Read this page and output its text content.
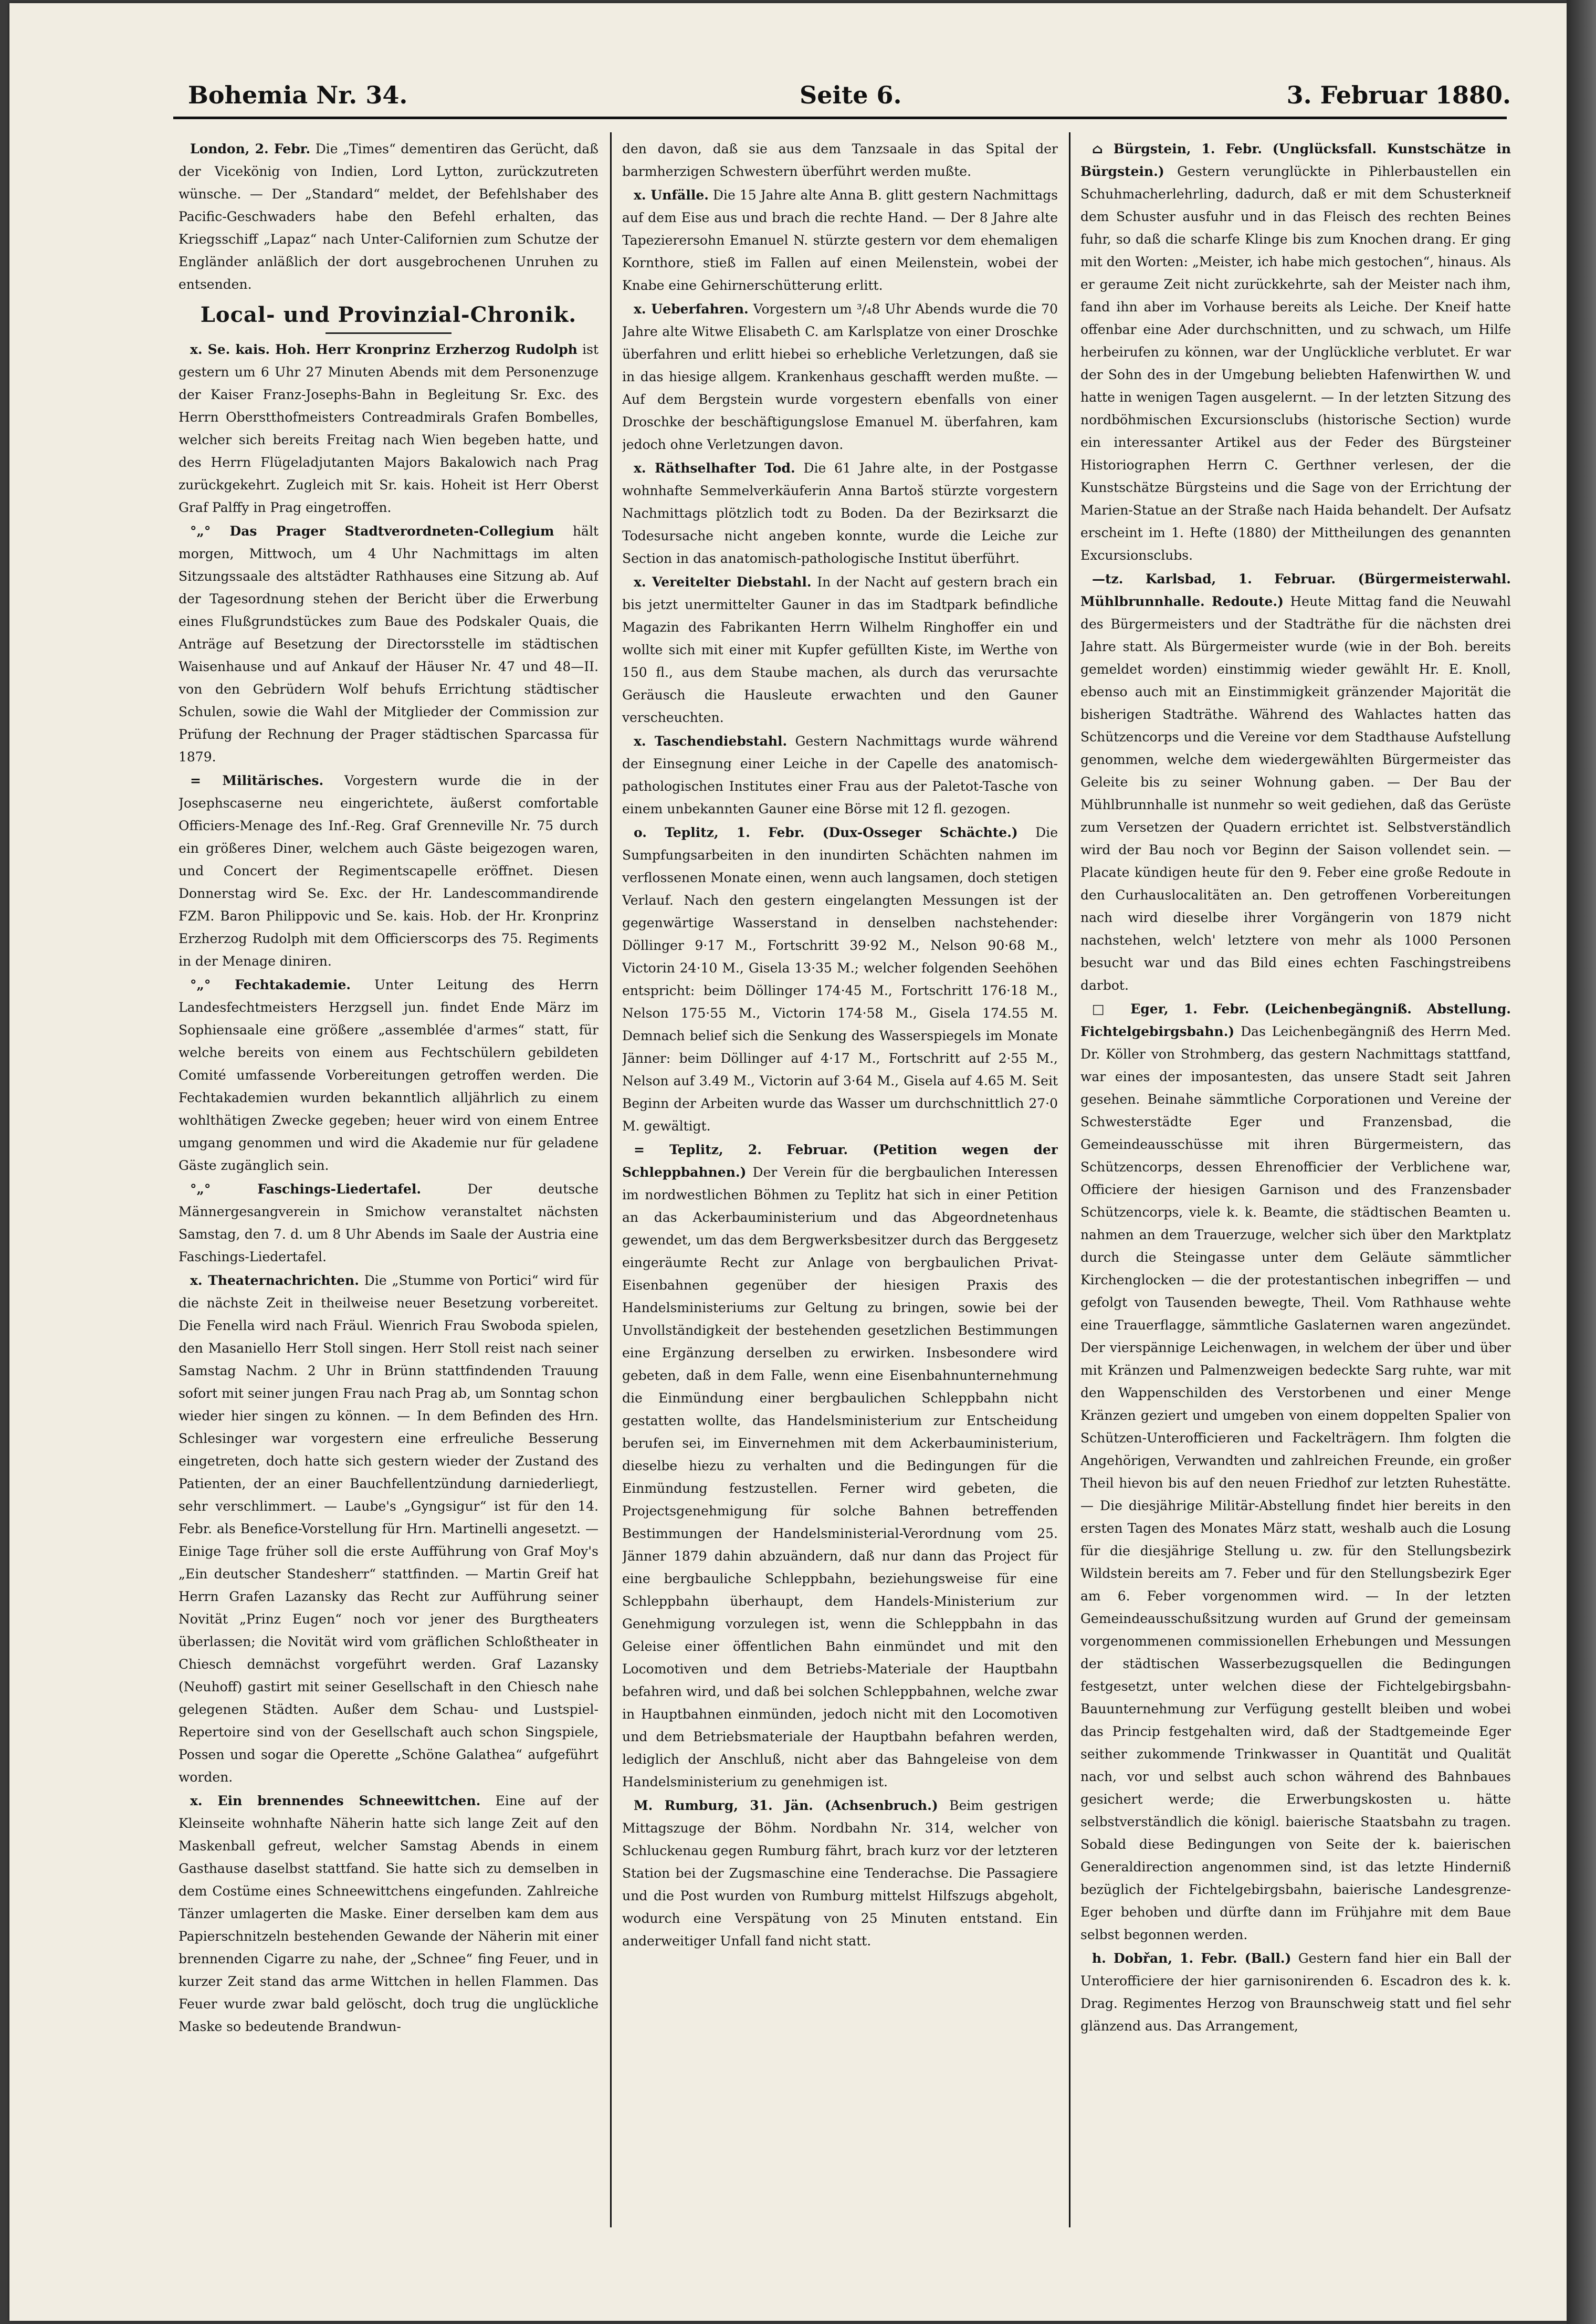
Bohemia Nr. 34.	Seite 6.	3. Februar 1880.

London, 2. Febr. Die „Times“ dementiren das Gerücht, daß der Vicekönig von Indien, Lord Lytton, zurückzutreten wünsche. — Der „Standard“ meldet, der Befehlshaber des Pacific-Geschwaders habe den Befehl erhalten, das Kriegsschiff „Lapaz“ nach Unter-Californien zum Schutze der Engländer anläßlich der dort ausgebrochenen Unruhen zu entsenden.

Local- und Provinzial-Chronik.

x. Se. kais. Hoh. Herr Kronprinz Erzherzog Rudolph ist gestern um 6 Uhr 27 Minuten Abends mit dem Personenzuge der Kaiser Franz-Josephs-Bahn in Begleitung Sr. Exc. des Herrn Oberstthofmeisters Contreadmirals Grafen Bombelles, welcher sich bereits Freitag nach Wien begeben hatte, und des Herrn Flügeladjutanten Majors Bakalowich nach Prag zurückgekehrt. Zugleich mit Sr. kais. Hoheit ist Herr Oberst Graf Palffy in Prag eingetroffen.

°„° Das Prager Stadtverordneten-Collegium hält morgen, Mittwoch, um 4 Uhr Nachmittags im alten Sitzungssaale des altstädter Rathhauses eine Sitzung ab. Auf der Tagesordnung stehen der Bericht über die Erwerbung eines Flußgrundstückes zum Baue des Podskaler Quais, die Anträge auf Besetzung der Directorsstelle im städtischen Waisenhause und auf Ankauf der Häuser Nr. 47 und 48—II. von den Gebrüdern Wolf behufs Errichtung städtischer Schulen, sowie die Wahl der Mitglieder der Commission zur Prüfung der Rechnung der Prager städtischen Sparcassa für 1879.

= Militärisches. Vorgestern wurde die in der Josephscaserne neu eingerichtete, äußerst comfortable Officiers-Menage des Inf.-Reg. Graf Grenneville Nr. 75 durch ein größeres Diner, welchem auch Gäste beigezogen waren, und Concert der Regimentscapelle eröffnet. Diesen Donnerstag wird Se. Exc. der Hr. Landescommandirende FZM. Baron Philippovic und Se. kais. Hob. der Hr. Kronprinz Erzherzog Rudolph mit dem Officierscorps des 75. Regiments in der Menage diniren.

°„° Fechtakademie. Unter Leitung des Herrn Landesfechtmeisters Herzgsell jun. findet Ende März im Sophiensaale eine größere „assemblée d'armes“ statt, für welche bereits von einem aus Fechtschülern gebildeten Comité umfassende Vorbereitungen getroffen werden. Die Fechtakademien wurden bekanntlich alljährlich zu einem wohlthätigen Zwecke gegeben; heuer wird von einem Entree umgang genommen und wird die Akademie nur für geladene Gäste zugänglich sein.

°„° Faschings-Liedertafel.	Der deutsche Männergesangverein in Smichow veranstaltet nächsten Samstag, den 7. d. um 8 Uhr Abends im Saale der Austria eine Faschings-Liedertafel.

x. Theaternachrichten. Die „Stumme von Portici“ wird für die nächste Zeit in theilweise neuer Besetzung vorbereitet. Die Fenella wird nach Fräul. Wienrich Frau Swoboda spielen, den Masaniello Herr Stoll singen. Herr Stoll reist nach seiner Samstag Nachm. 2 Uhr in Brünn stattfindenden Trauung sofort mit seiner jungen Frau nach Prag ab, um Sonntag schon wieder hier singen zu können. — In dem Befinden des Hrn. Schlesinger war vorgestern eine erfreuliche Besserung eingetreten, doch hatte sich gestern wieder der Zustand des Patienten, der an einer Bauchfellentzündung darniederliegt, sehr verschlimmert. — Laube's „Gyngsigur“ ist für den 14. Febr. als Benefice-Vorstellung für Hrn. Martinelli angesetzt. — Einige Tage früher soll die erste Aufführung von Graf Moy's „Ein deutscher Standesherr“ stattfinden. — Martin Greif hat Herrn Grafen Lazansky das Recht zur Aufführung seiner Novität „Prinz Eugen“ noch vor jener des Burgtheaters überlassen; die Novität wird vom gräflichen Schloßtheater in Chiesch demnächst vorgeführt werden. Graf Lazansky (Neuhoff) gastirt mit seiner Gesellschaft in den Chiesch nahe gelegenen Städten. Außer dem Schau- und Lustspiel-Repertoire sind von der Gesellschaft auch schon Singspiele, Possen und sogar die Operette „Schöne Galathea“ aufgeführt worden.

x. Ein brennendes Schneewittchen. Eine auf der Kleinseite wohnhafte Näherin hatte sich lange Zeit auf den Maskenball gefreut, welcher Samstag Abends in einem Gasthause daselbst stattfand. Sie hatte sich zu demselben in dem Costüme eines Schneewittchens eingefunden. Zahlreiche Tänzer umlagerten die Maske. Einer derselben kam dem aus Papierschnitzeln bestehenden Gewande der Näherin mit einer brennenden Cigarre zu nahe, der „Schnee“ fing Feuer, und in kurzer Zeit stand das arme Wittchen in hellen Flammen. Das Feuer wurde zwar bald gelöscht, doch trug die unglückliche Maske so bedeutende Brandwun-

den davon, daß sie aus dem Tanzsaale in das Spital der barmherzigen Schwestern überführt werden mußte.

x. Unfälle. Die 15 Jahre alte Anna B. glitt gestern Nachmittags auf dem Eise aus und brach die rechte Hand. — Der 8 Jahre alte Tapezierersohn Emanuel N. stürzte gestern vor dem ehemaligen Kornthore, stieß im Fallen auf einen Meilenstein, wobei der Knabe eine Gehirnerschütterung erlitt.

x. Ueberfahren. Vorgestern um ³/₄8 Uhr Abends wurde die 70 Jahre alte Witwe Elisabeth C. am Karlsplatze von einer Droschke überfahren und erlitt hiebei so erhebliche Verletzungen, daß sie in das hiesige allgem. Krankenhaus geschafft werden mußte. — Auf dem Bergstein wurde vorgestern ebenfalls von einer Droschke der beschäftigungslose Emanuel M. überfahren, kam jedoch ohne Verletzungen davon.

x. Räthselhafter Tod. Die 61 Jahre alte, in der Postgasse wohnhafte Semmelverkäuferin Anna Bartoš stürzte vorgestern Nachmittags plötzlich todt zu Boden. Da der Bezirksarzt die Todesursache nicht angeben konnte, wurde die Leiche zur Section in das anatomisch-pathologische Institut überführt.

x. Vereitelter Diebstahl. In der Nacht auf gestern brach ein bis jetzt unermittelter Gauner in das im Stadtpark befindliche Magazin des Fabrikanten Herrn Wilhelm Ringhoffer ein und wollte sich mit einer mit Kupfer gefüllten Kiste, im Werthe von 150 fl., aus dem Staube machen, als durch das verursachte Geräusch die Hausleute erwachten und den Gauner verscheuchten.

x. Taschendiebstahl. Gestern Nachmittags wurde während der Einsegnung einer Leiche in der Capelle des anatomisch-pathologischen Institutes einer Frau aus der Paletot-Tasche von einem unbekannten Gauner eine Börse mit 12 fl. gezogen.

o. Teplitz, 1. Febr. (Dux-Osseger Schächte.) Die Sumpfungsarbeiten in den inundirten Schächten nahmen im verflossenen Monate einen, wenn auch langsamen, doch stetigen Verlauf. Nach den gestern eingelangten Messungen ist der gegenwärtige Wasserstand in denselben nachstehender: Döllinger 9·17 M., Fortschritt 39·92 M., Nelson 90·68 M., Victorin 24·10 M., Gisela 13·35 M.; welcher folgenden Seehöhen entspricht: beim Döllinger 174·45 M., Fortschritt 176·18 M., Nelson 175·55 M., Victorin 174·58 M., Gisela 174.55 M. Demnach belief sich die Senkung des Wasserspiegels im Monate Jänner: beim Döllinger auf 4·17 M., Fortschritt auf 2·55 M., Nelson auf 3.49 M., Victorin auf 3·64 M., Gisela auf 4.65 M. Seit Beginn der Arbeiten wurde das Wasser um durchschnittlich 27·0 M. gewältigt.

= Teplitz, 2. Februar. (Petition wegen der Schleppbahnen.) Der Verein für die bergbaulichen Interessen im nordwestlichen Böhmen zu Teplitz hat sich in einer Petition an das Ackerbauministerium und das Abgeordnetenhaus gewendet, um das dem Bergwerksbesitzer durch das Berggesetz eingeräumte Recht zur Anlage von bergbaulichen Privat-Eisenbahnen gegenüber der hiesigen Praxis des Handelsministeriums zur Geltung zu bringen, sowie bei der Unvollständigkeit der bestehenden gesetzlichen Bestimmungen eine Ergänzung derselben zu erwirken. Insbesondere wird gebeten, daß in dem Falle, wenn eine Eisenbahnunternehmung die Einmündung einer bergbaulichen Schleppbahn nicht gestatten wollte, das Handelsministerium zur Entscheidung berufen sei, im Einvernehmen mit dem Ackerbauministerium, dieselbe hiezu zu verhalten und die Bedingungen für die Einmündung festzustellen. Ferner wird gebeten, die Projectsgenehmigung für solche Bahnen betreffenden Bestimmungen der Handelsministerial-Verordnung vom 25. Jänner 1879 dahin abzuändern, daß nur dann das Project für eine bergbauliche Schleppbahn, beziehungsweise für eine Schleppbahn überhaupt, dem Handels-Ministerium zur Genehmigung vorzulegen ist, wenn die Schleppbahn in das Geleise einer öffentlichen Bahn einmündet und mit den Locomotiven und dem Betriebs-Materiale der Hauptbahn befahren wird, und daß bei solchen Schleppbahnen, welche zwar in Hauptbahnen einmünden, jedoch nicht mit den Locomotiven und dem Betriebsmateriale der Hauptbahn befahren werden, lediglich der Anschluß, nicht aber das Bahngeleise von dem Handelsministerium zu genehmigen ist.

M. Rumburg, 31. Jän. (Achsenbruch.) Beim gestrigen Mittagszuge der Böhm. Nordbahn Nr. 314, welcher von Schluckenau gegen Rumburg fährt, brach kurz vor der letzteren Station bei der Zugsmaschine eine Tenderachse. Die Passagiere und die Post wurden von Rumburg mittelst Hilfszugs abgeholt, wodurch eine Verspätung von 25 Minuten entstand. Ein anderweitiger Unfall fand nicht statt.

⌂ Bürgstein, 1. Febr. (Unglücksfall. Kunstschätze in Bürgstein.) Gestern verunglückte in Pihlerbaustellen ein Schuhmacherlehrling, dadurch, daß er mit dem Schusterkneif dem Schuster ausfuhr und in das Fleisch des rechten Beines fuhr, so daß die scharfe Klinge bis zum Knochen drang. Er ging mit den Worten: „Meister, ich habe mich gestochen“, hinaus. Als er geraume Zeit nicht zurückkehrte, sah der Meister nach ihm, fand ihn aber im Vorhause bereits als Leiche. Der Kneif hatte offenbar eine Ader durchschnitten, und zu schwach, um Hilfe herbeirufen zu können, war der Unglückliche verblutet. Er war der Sohn des in der Umgebung beliebten Hafenwirthen W. und hatte in wenigen Tagen ausgelernt. — In der letzten Sitzung des nordböhmischen Excursionsclubs (historische Section) wurde ein interessanter Artikel aus der Feder des Bürgsteiner Historiographen Herrn C. Gerthner verlesen, der die Kunstschätze Bürgsteins und die Sage von der Errichtung der Marien-Statue an der Straße nach Haida behandelt. Der Aufsatz erscheint im 1. Hefte (1880) der Mittheilungen des genannten Excursionsclubs.

—tz. Karlsbad, 1. Februar. (Bürgermeisterwahl. Mühlbrunnhalle. Redoute.) Heute Mittag fand die Neuwahl des Bürgermeisters und der Stadträthe für die nächsten drei Jahre statt. Als Bürgermeister wurde (wie in der Boh. bereits gemeldet worden) einstimmig wieder gewählt Hr. E. Knoll, ebenso auch mit an Einstimmigkeit gränzender Majorität die bisherigen Stadträthe. Während des Wahlactes hatten das Schützencorps und die Vereine vor dem Stadthause Aufstellung genommen, welche dem wiedergewählten Bürgermeister das Geleite bis zu seiner Wohnung gaben. — Der Bau der Mühlbrunnhalle ist nunmehr so weit gediehen, daß das Gerüste zum Versetzen der Quadern errichtet ist. Selbstverständlich wird der Bau noch vor Beginn der Saison vollendet sein. — Placate kündigen heute für den 9. Feber eine große Redoute in den Curhauslocalitäten an. Den getroffenen Vorbereitungen nach wird dieselbe ihrer Vorgängerin von 1879 nicht nachstehen, welch' letztere von mehr als 1000 Personen besucht war und das Bild eines echten Faschingstreibens darbot.

□ Eger, 1. Febr. (Leichenbegängniß. Abstellung. Fichtelgebirgsbahn.) Das Leichenbegängniß des Herrn Med. Dr. Köller von Strohmberg, das gestern Nachmittags stattfand, war eines der imposantesten, das unsere Stadt seit Jahren gesehen. Beinahe sämmtliche Corporationen und Vereine der Schwesterstädte Eger und Franzensbad, die Gemeindeausschüsse mit ihren Bürgermeistern, das Schützencorps, dessen Ehrenofficier der Verblichene war, Officiere der hiesigen Garnison und des Franzensbader Schützencorps, viele k. k. Beamte, die städtischen Beamten u. nahmen an dem Trauerzuge, welcher sich über den Marktplatz durch die Steingasse unter dem Geläute sämmtlicher Kirchenglocken — die der protestantischen inbegriffen — und gefolgt von Tausenden bewegte, Theil. Vom Rathhause wehte eine Trauerflagge, sämmtliche Gaslaternen waren angezündet. Der vierspännige Leichenwagen, in welchem der über und über mit Kränzen und Palmenzweigen bedeckte Sarg ruhte, war mit den Wappenschilden des Verstorbenen und einer Menge Kränzen geziert und umgeben von einem doppelten Spalier von Schützen-Unterofficieren und Fackelträgern. Ihm folgten die Angehörigen, Verwandten und zahlreichen Freunde, ein großer Theil hievon bis auf den neuen Friedhof zur letzten Ruhestätte. — Die diesjährige Militär-Abstellung findet hier bereits in den ersten Tagen des Monates März statt, weshalb auch die Losung für die diesjährige Stellung u. zw. für den Stellungsbezirk Wildstein bereits am 7. Feber und für den Stellungsbezirk Eger am 6. Feber vorgenommen wird. — In der letzten Gemeindeausschußsitzung wurden auf Grund der gemeinsam vorgenommenen commissionellen Erhebungen und Messungen der städtischen Wasserbezugsquellen die Bedingungen festgesetzt, unter welchen diese der Fichtelgebirgsbahn-Bauunternehmung zur Verfügung gestellt bleiben und wobei das Princip festgehalten wird, daß der Stadtgemeinde Eger seither zukommende Trinkwasser in Quantität und Qualität nach, vor und selbst auch schon während des Bahnbaues gesichert werde; die Erwerbungskosten u. hätte selbstverständlich die königl. baierische Staatsbahn zu tragen. Sobald diese Bedingungen von Seite der k. baierischen Generaldirection angenommen sind, ist das letzte Hinderniß bezüglich der Fichtelgebirgsbahn, baierische Landesgrenze-Eger behoben und dürfte dann im Frühjahre mit dem Baue selbst begonnen werden.

h. Dobřan, 1. Febr. (Ball.) Gestern fand hier ein Ball der Unterofficiere der hier garnisonirenden 6. Escadron des k. k. Drag. Regimentes Herzog von Braunschweig statt und fiel sehr glänzend aus. Das Arrangement,
